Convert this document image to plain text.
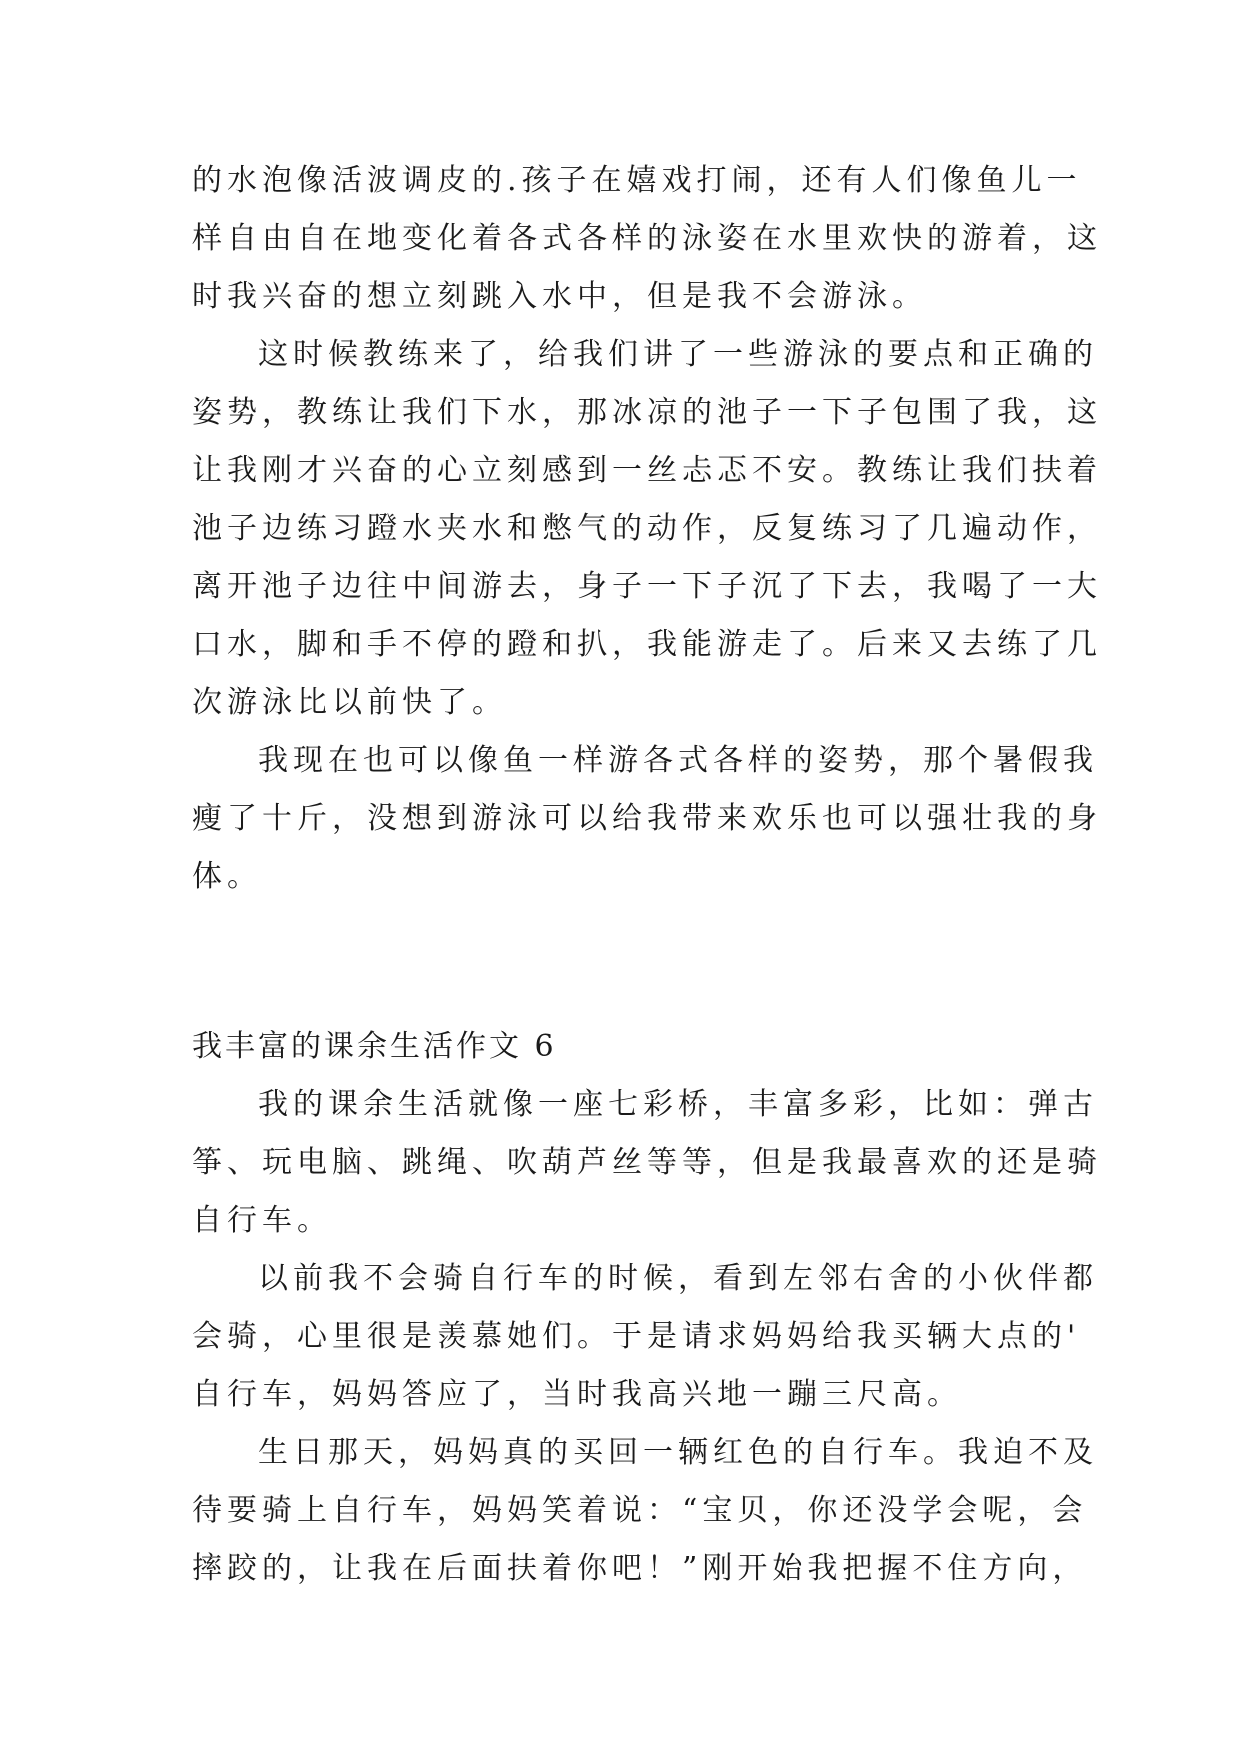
的水泡像活波调皮的.孩子在嬉戏打闹，还有人们像鱼儿一
样自由自在地变化着各式各样的泳姿在水里欢快的游着，这
时我兴奋的想立刻跳入水中，但是我不会游泳。
这时候教练来了，给我们讲了一些游泳的要点和正确的
姿势，教练让我们下水，那冰凉的池子一下子包围了我，这
让我刚才兴奋的心立刻感到一丝忐忑不安。教练让我们扶着
池子边练习蹬水夹水和憋气的动作，反复练习了几遍动作，
离开池子边往中间游去，身子一下子沉了下去，我喝了一大
口水，脚和手不停的蹬和扒，我能游走了。后来又去练了几
次游泳比以前快了。
我现在也可以像鱼一样游各式各样的姿势，那个暑假我
瘦了十斤，没想到游泳可以给我带来欢乐也可以强壮我的身
体。
我丰富的课余生活作文 6
我的课余生活就像一座七彩桥，丰富多彩，比如：弹古
筝、玩电脑、跳绳、吹葫芦丝等等，但是我最喜欢的还是骑
自行车。
以前我不会骑自行车的时候，看到左邻右舍的小伙伴都
会骑，心里很是羡慕她们。于是请求妈妈给我买辆大点的'
自行车，妈妈答应了，当时我高兴地一蹦三尺高。
生日那天，妈妈真的买回一辆红色的自行车。我迫不及
待要骑上自行车，妈妈笑着说：“宝贝，你还没学会呢，会
摔跤的，让我在后面扶着你吧！”刚开始我把握不住方向，
